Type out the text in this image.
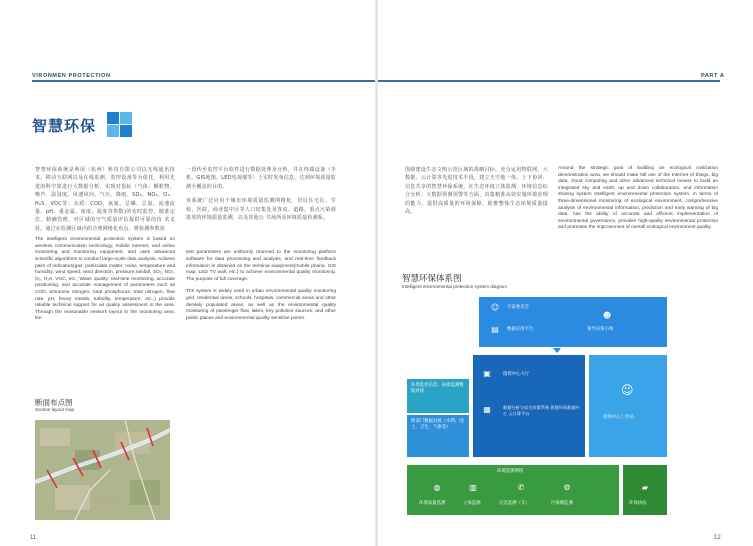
VIRONMEN PROTECTION	PART A
智慧环保

智慧环保系统是利用（杭州）科技有限公司以无线通讯技术、移动互联网以及在线监测、监控设备等为依托，利用先进的科学算进行大数据分析，实现对指标（气体：颗粒物、噪声、温湿度、风速风向、气压、降雨、SO₂、NO₂、O₃、H₂S、VOC等；水质：COD、氨氮、总磷、总氮、流速流量、pH、重金属、浊度、温度等参数)的实时监控、精准定位、精确管理，对区域的空气质量评估提供可靠的技 术支持。通过在监测区域内的合理网格化布点，将检测参数获

The intelligent environmental protection system is based on wireless communication technology, mobile Internet, and online monitoring and monitoring equipment, and uses advanced scientific algorithms to conduct large-scale data analysis. Achieve pairs of indicators(gas: particulate matter, noise, temperature and humidity, wind speed, wind direction, pressure,rainfall, SO₂, NO₂, O₃, H₂S, VOC, etc.; Water quality: real-time monitoring, accurate positioning, and accurate management of parameters such as COD, ammonia nitrogen, total phosphorus, total nitrogen, flow rate, pH, heavy metals, turbidity, temperature, etc.,) provide reliable technical support for air quality assessment in the area. Through the reasonable network layout in the monitoring area, the

一段传至监控平台软件进行数据处理及分析，并在终端设备（手机、GIS地图、LED电视墙等）上实时发布信息，达到环境质量监测全覆盖的目的。

该系统广泛应用于城市环境质量监测网格化，居民住宅区、学校、医院、商业集中区等人口密集处及客流、道路、重点污染源排放的环境质量监测，以及其他公 共场所及环境质量检测系。

test parameters are uniformly returned to the monitoring platform software for data processing and analysis, and real-time feedback information is obtained on the terminal equipment(mobile phone, GIS map, LED TV wall, etc.) to achieve environmental quality monitoring. The purpose of full coverage.

The system is widely used in urban environmental quality monitoring grid, residential areas, schools, hospitals, commercial areas and other densely populated areas, as well as the environmental quality monitoring of passenger flow, lakes, key pollution sources, and other public places and environmental quality sensitive points.

围绕建设生态文明示范区域的战略目标，充分运用物联网、大数据、云计算等先进技术手段，建立天空地一体、上下协同、信息共享的智慧环保系统，在生态环境立体监测、环境信息综合分析、大数据预测预警等方面，真集精准高效实施环境治理的能力，提供高质量的环境保障，助推整体生态环境质量提高。

Around the strategic goal of building an ecological civilization demonstration area, we should make full use of the Internet of things, big data, cloud computing and other advanced technical means to build an integrated sky and earth, up and down collaboration, and information sharing system Intelligent environmental protection system, in terms of three-dimensional monitoring of ecological environment, comprehensive analysis of environmental information, prediction and early warning of big data, has the ability of accurate and efficient implementation of environmental governance, provides high-quality environmental protection and promotes the improvement of overall ecological environment quality.

断面布点图
Section layout map
智慧环保体系图
Intelligent environmental protection system diagram
☺	专家委员会
▤	数据应用平台
☻
领导决策小组
环境监控信息、前端监测数据对接
跨部门数据对接（水利、国土、卫生、气象等）
▣	指挥中心大厅
▦	数据分析与综合决策系统 智慧环保数据中心 云计算平台
☺
指挥中心工作站
环境监测网络
◍	▥	✆	⚙
环境质量监测	立体监测	应急监测（车）	污染源监测
▰
环保执法
11	12
